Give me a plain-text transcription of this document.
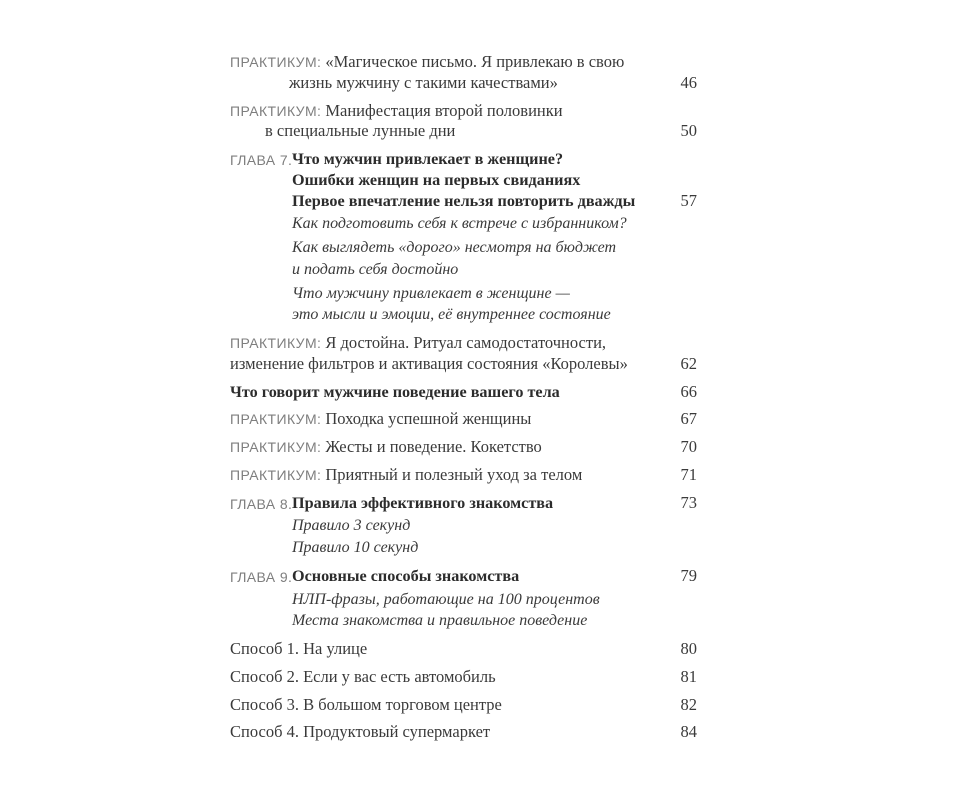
ПРАКТИКУМ: «Магическое письмо. Я привлекаю в свою
жизнь мужчину с такими качествами»	46
ПРАКТИКУМ: Манифестация второй половинки
в специальные лунные дни	50
ГЛАВА 7. Что мужчин привлекает в женщине?
Ошибки женщин на первых свиданиях
Первое впечатление нельзя повторить дважды	57
Как подготовить себя к встрече с избранником?
Как выглядеть «дорого» несмотря на бюджет
и подать себя достойно
Что мужчину привлекает в женщине —
это мысли и эмоции, её внутреннее состояние
ПРАКТИКУМ: Я достойна. Ритуал самодостаточности,
изменение фильтров и активация состояния «Королевы»	62
Что говорит мужчине поведение вашего тела	66
ПРАКТИКУМ: Походка успешной женщины	67
ПРАКТИКУМ: Жесты и поведение. Кокетство	70
ПРАКТИКУМ: Приятный и полезный уход за телом	71
ГЛАВА 8. Правила эффективного знакомства	73
Правило 3 секунд
Правило 10 секунд
ГЛАВА 9. Основные способы знакомства	79
НЛП-фразы, работающие на 100 процентов
Места знакомства и правильное поведение
Способ 1. На улице	80
Способ 2. Если у вас есть автомобиль	81
Способ 3. В большом торговом центре	82
Способ 4. Продуктовый супермаркет	84
